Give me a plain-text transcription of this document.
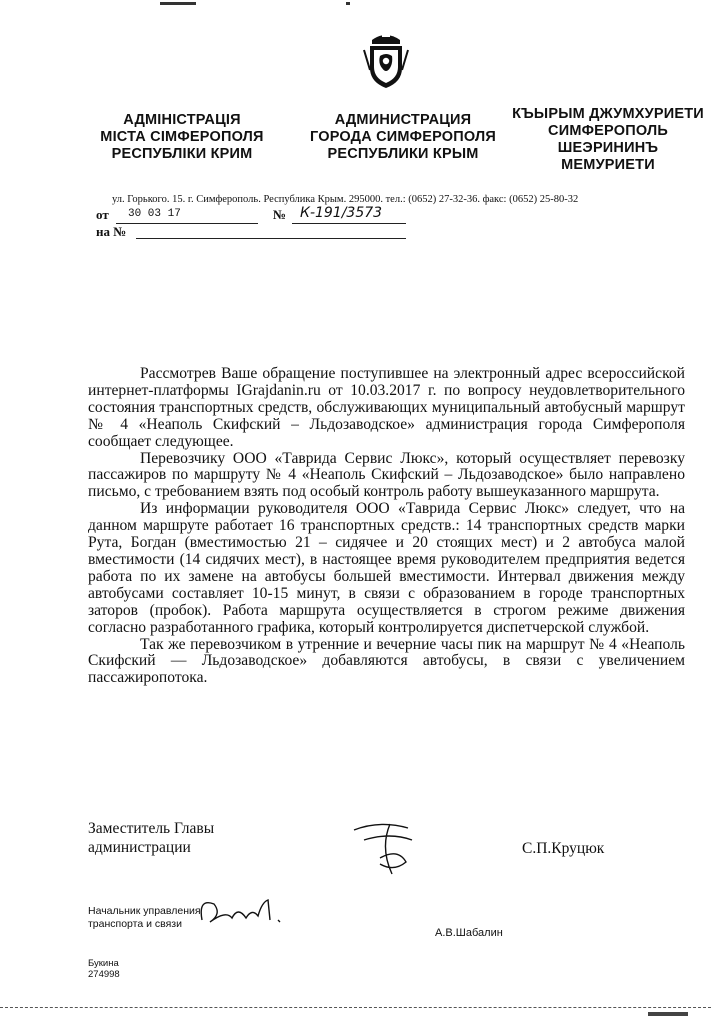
АДМІНІСТРАЦІЯ
МІСТА СІМФЕРОПОЛЯ
РЕСПУБЛІКИ КРИМ
АДМИНИСТРАЦИЯ
ГОРОДА СИМФЕРОПОЛЯ
РЕСПУБЛИКИ КРЫМ
КЪЫРЫМ ДЖУМХУРИЕТИ
СИМФЕРОПОЛЬ
ШЕЭРИНИНЪ
МЕМУРИЕТИ
ул. Горького. 15. г. Симферополь. Республика Крым. 295000. тел.: (0652) 27-32-36. факс: (0652) 25-80-32
от 30 03 17	№ К-191/3573
на №

Рассмотрев Ваше обращение поступившее на электронный адрес всероссийской интернет-платформы IGrajdanin.ru от 10.03.2017 г. по вопросу неудовлетворительного состояния транспортных средств, обслуживающих муниципальный автобусный маршрут № 4 «Неаполь Скифский – Льдозаводское» администрация города Симферополя сообщает следующее.

Перевозчику ООО «Таврида Сервис Люкс», который осуществляет перевозку пассажиров по маршруту № 4 «Неаполь Скифский – Льдозаводское» было направлено письмо, с требованием взять под особый контроль работу вышеуказанного маршрута.

Из информации руководителя ООО «Таврида Сервис Люкс» следует, что на данном маршруте работает 16 транспортных средств.: 14 транспортных средств марки Рута, Богдан (вместимостью 21 – сидячее и 20 стоящих мест) и 2 автобуса малой вместимости (14 сидячих мест), в настоящее время руководителем предприятия ведется работа по их замене на автобусы большей вместимости. Интервал движения между автобусами составляет 10-15 минут, в связи с образованием в городе транспортных заторов (пробок). Работа маршрута осуществляется в строгом режиме движения согласно разработанного графика, который контролируется диспетчерской службой.

Так же перевозчиком в утренние и вечерние часы пик на маршрут № 4 «Неаполь Скифский — Льдозаводское» добавляются автобусы, в связи с увеличением пассажиропотока.

Заместитель Главы
администрации	С.П.Круцюк
Начальник управления
транспорта и связи
А.В.Шабалин
Букина
274998
